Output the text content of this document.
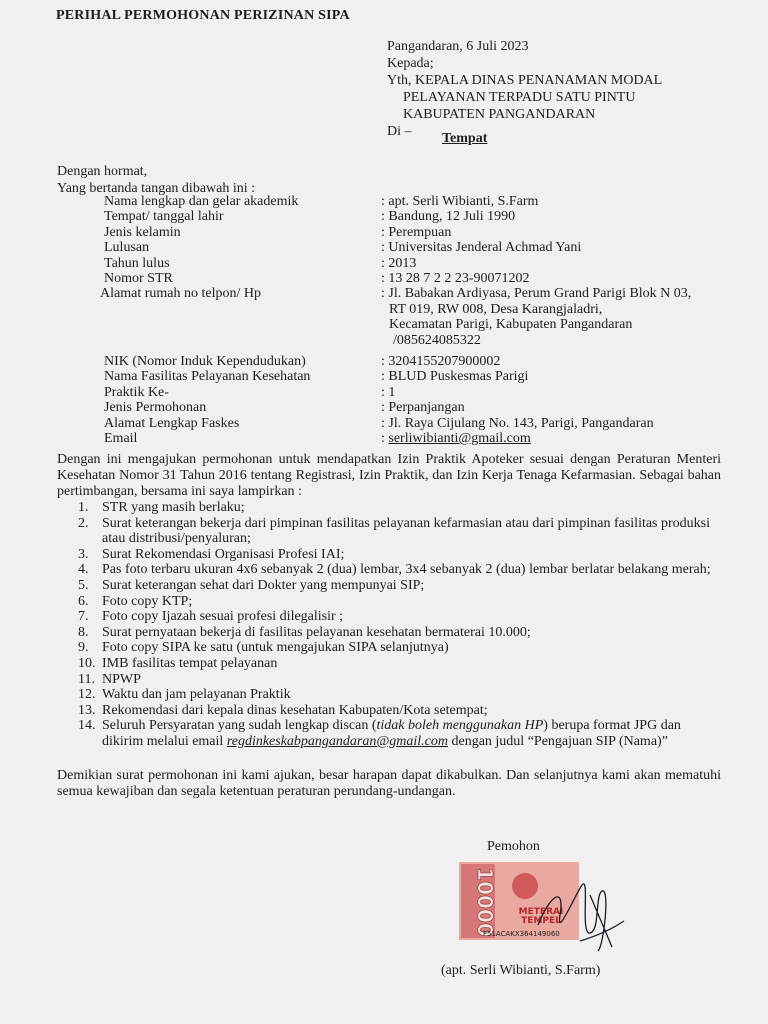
PERIHAL PERMOHONAN PERIZINAN SIPA
Pangandaran, 6 Juli 2023
Kepada;
Yth, KEPALA DINAS PENANAMAN MODAL
PELAYANAN TERPADU SATU PINTU
KABUPATEN PANGANDARAN
Di –	Tempat
Dengan hormat,
Yang bertanda tangan dibawah ini :
Nama lengkap dan gelar akademik	: apt. Serli Wibianti, S.Farm
Tempat/ tanggal lahir	: Bandung, 12 Juli 1990
Jenis kelamin	: Perempuan
Lulusan	: Universitas Jenderal Achmad Yani
Tahun lulus	: 2013
Nomor STR	: 13 28 7 2 2 23-90071202
Alamat rumah no telpon/ Hp	: Jl. Babakan Ardiyasa, Perum Grand Parigi Blok N 03,
RT 019, RW 008, Desa Karangjaladri,
Kecamatan Parigi, Kabupaten Pangandaran
/085624085322
NIK (Nomor Induk Kependudukan)	: 3204155207900002
Nama Fasilitas Pelayanan Kesehatan	: BLUD Puskesmas Parigi
Praktik Ke-	: 1
Jenis Permohonan	: Perpanjangan
Alamat Lengkap Faskes	: Jl. Raya Cijulang No. 143, Parigi, Pangandaran
Email	: serliwibianti@gmail.com
Dengan ini mengajukan permohonan untuk mendapatkan Izin Praktik Apoteker sesuai dengan Peraturan Menteri Kesehatan Nomor 31 Tahun 2016 tentang Registrasi, Izin Praktik, dan Izin Kerja Tenaga Kefarmasian. Sebagai bahan pertimbangan, bersama ini saya lampirkan :
1. STR yang masih berlaku;
2. Surat keterangan bekerja dari pimpinan fasilitas pelayanan kefarmasian atau dari pimpinan fasilitas produksi atau distribusi/penyaluran;
3. Surat Rekomendasi Organisasi Profesi IAI;
4. Pas foto terbaru ukuran 4x6 sebanyak 2 (dua) lembar, 3x4 sebanyak 2 (dua) lembar berlatar belakang merah;
5. Surat keterangan sehat dari Dokter yang mempunyai SIP;
6. Foto copy KTP;
7. Foto copy Ijazah sesuai profesi dilegalisir ;
8. Surat pernyataan bekerja di fasilitas pelayanan kesehatan bermaterai 10.000;
9. Foto copy SIPA ke satu (untuk mengajukan SIPA selanjutnya)
10. IMB fasilitas tempat pelayanan
11. NPWP
12. Waktu dan jam pelayanan Praktik
13. Rekomendasi dari kepala dinas kesehatan Kabupaten/Kota setempat;
14. Seluruh Persyaratan yang sudah lengkap discan (tidak boleh menggunakan HP) berupa format JPG dan dikirim melalui email regdinkeskabpangandaran@gmail.com dengan judul “Pengajuan SIP (Nama)”
Demikian surat permohonan ini kami ajukan, besar harapan dapat dikabulkan. Dan selanjutnya kami akan mematuhi semua kewajiban dan segala ketentuan peraturan perundang-undangan.
Pemohon
10000 METERAI
TEMPEL
F51ACAKX364149060
(apt. Serli Wibianti, S.Farm)
